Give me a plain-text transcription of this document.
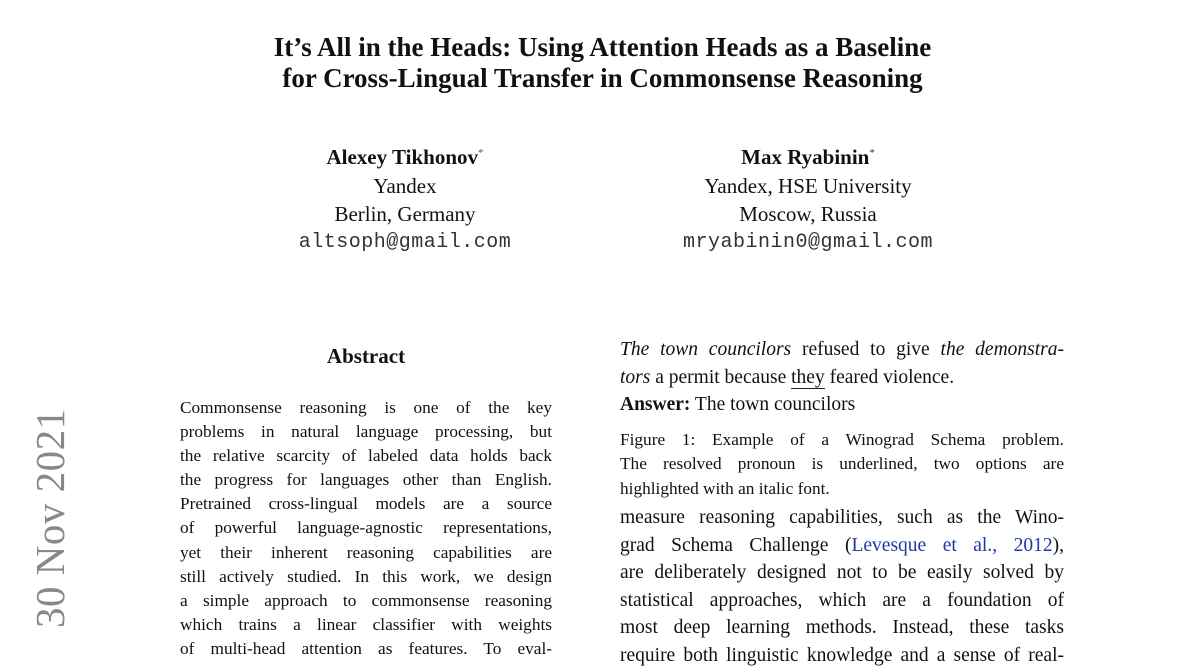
It’s All in the Heads: Using Attention Heads as a Baseline
for Cross-Lingual Transfer in Commonsense Reasoning
Alexey Tikhonov*
Yandex
Berlin, Germany
altsoph@gmail.com
Max Ryabinin*
Yandex, HSE University
Moscow, Russia
mryabinin0@gmail.com
30 Nov 2021
Abstract
Commonsense reasoning is one of the key
problems in natural language processing, but
the relative scarcity of labeled data holds back
the progress for languages other than English.
Pretrained cross-lingual models are a source
of powerful language-agnostic representations,
yet their inherent reasoning capabilities are
still actively studied. In this work, we design
a simple approach to commonsense reasoning
which trains a linear classifier with weights
of multi-head attention as features. To eval-
The town councilors refused to give the demonstra-
tors a permit because they feared violence.
Answer: The town councilors
Figure 1: Example of a Winograd Schema problem.
The resolved pronoun is underlined, two options are
highlighted with an italic font.
measure reasoning capabilities, such as the Wino-
grad Schema Challenge (Levesque et al., 2012),
are deliberately designed not to be easily solved by
statistical approaches, which are a foundation of
most deep learning methods. Instead, these tasks
require both linguistic knowledge and a sense of real-
